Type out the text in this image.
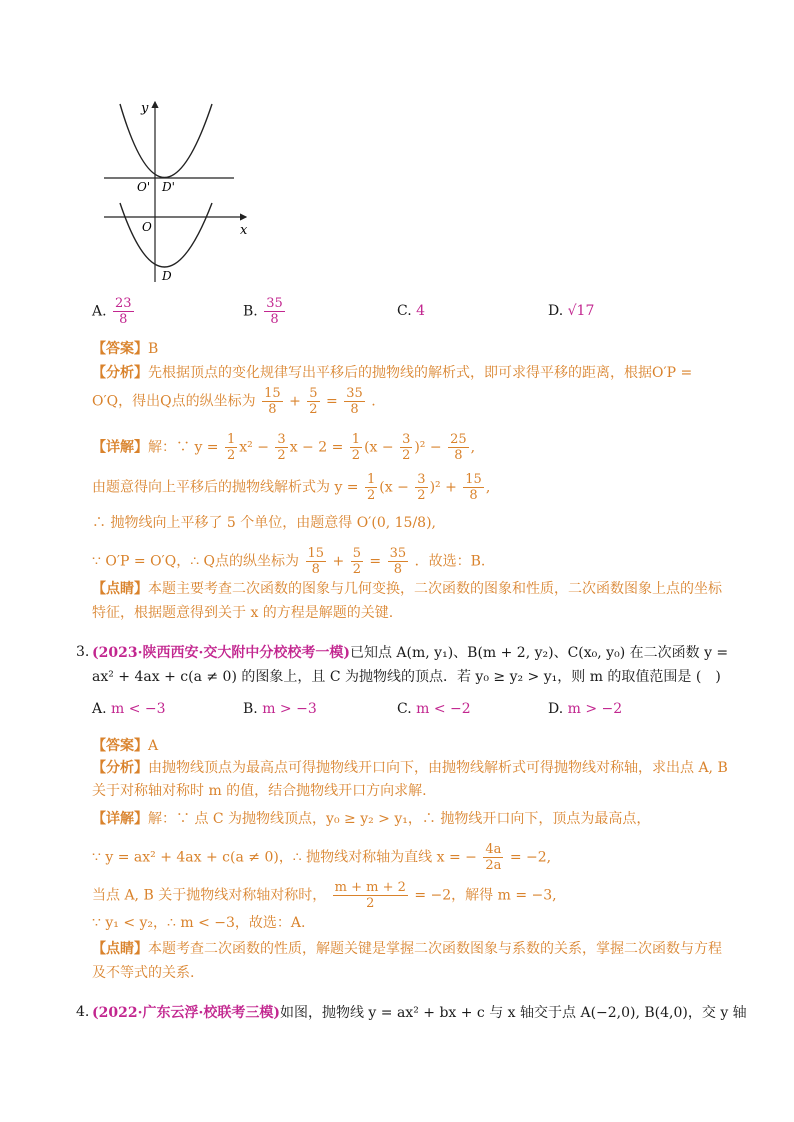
y
x
O' D'
O
D
A. $\frac{23}{8}$	B. $\frac{35}{8}$	C. 4	D. √17
【答案】B
【分析】先根据顶点的变化规律写出平移后的抛物线的解析式，即可求得平移的距离，根据O′P =
O′Q，得出Q点的纵坐标为 $\frac{15}{8} + \frac{5}{2} = \frac{35}{8}$ .
【详解】解：∵ $y = \frac{1}{2} x^2 - \frac{3}{2}$ $x - 2 = \frac{1}{2} (x - \frac{3}{2} )^2 - \frac{25}{8}$ ,
由题意得向上平移后的抛物线解析式为 $y = \frac{1}{2} (x - \frac{3}{2} )^2 + \frac{15}{8}$ ,
∴ 抛物线向上平移了 5 个单位，由题意得 O′(0, 15/8),
∵ O′P = O′Q，∴ Q点的纵坐标为 $\frac{15}{8} + \frac{5}{2} = \frac{35}{8}$ ．故选：B.
【点睛】本题主要考查二次函数的图象与几何变换，二次函数的图象和性质，二次函数图象上点的坐标
特征，根据题意得到关于 x 的方程是解题的关键.
3. (2023·陕西西安·交大附中分校校考一模)已知点 A(m, y₁)、B(m + 2, y₂)、C(x₀, y₀) 在二次函数 y =
ax² + 4ax + c(a ≠ 0) 的图象上，且 C 为抛物线的顶点．若 y₀ ≥ y₂ > y₁，则 m 的取值范围是 (　)
A. m < −3	B. m > −3	C. m < −2	D. m > −2
【答案】A
【分析】由抛物线顶点为最高点可得抛物线开口向下，由抛物线解析式可得抛物线对称轴，求出点 A, B
关于对称轴对称时 m 的值，结合抛物线开口方向求解.
【详解】解：∵ 点 C 为抛物线顶点，y₀ ≥ y₂ > y₁，∴ 抛物线开口向下，顶点为最高点，
∵ y = ax² + 4ax + c(a ≠ 0)，∴ 抛物线对称轴为直线 x = − $\frac{4a}{2a} = -2$,
当点 A, B 关于抛物线对称轴对称时， $\frac{m + m + 2}{2} = -2$，解得 m = −3,
∵ y₁ < y₂，∴ m < −3，故选：A.
【点睛】本题考查二次函数的性质，解题关键是掌握二次函数图象与系数的关系，掌握二次函数与方程
及不等式的关系.
4. (2022·广东云浮·校联考三模)如图，抛物线 y = ax² + bx + c 与 x 轴交于点 A(−2,0), B(4,0)，交 y 轴
